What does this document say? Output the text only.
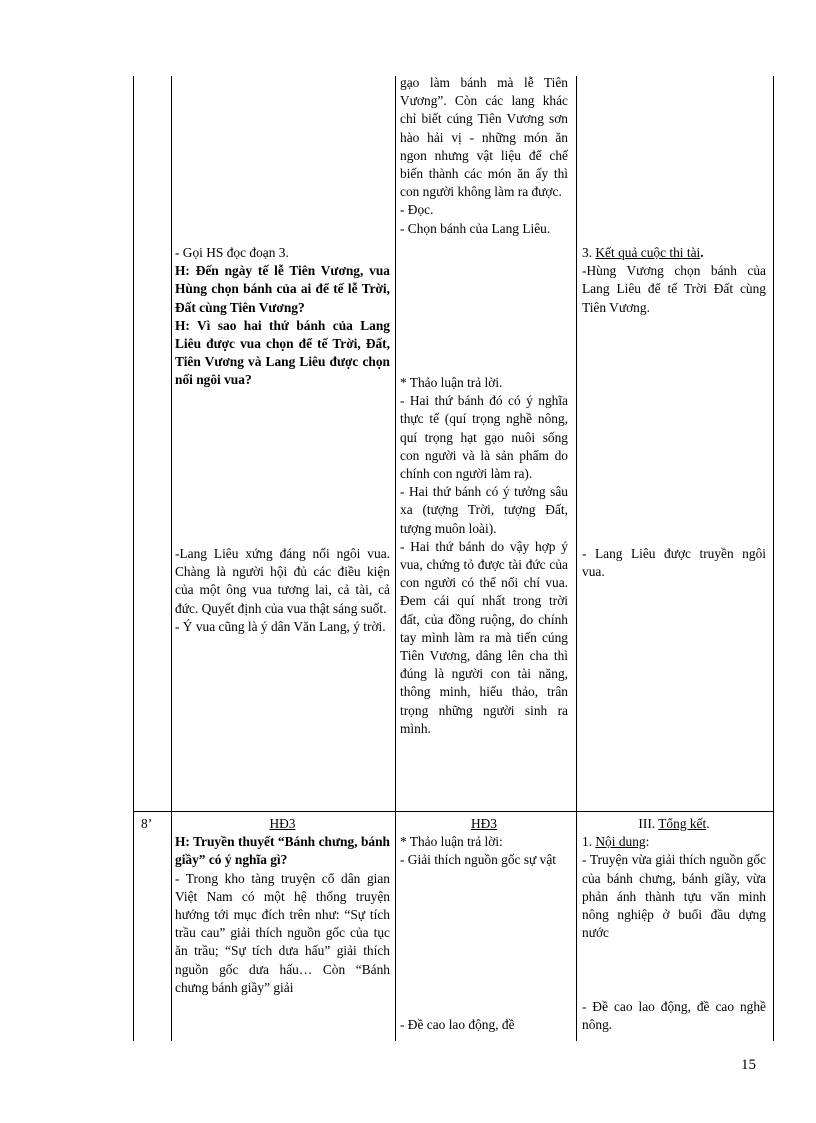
8’

- Gọi HS đọc đoạn 3.

H: Đến ngày tế lễ Tiên Vương, vua Hùng chọn bánh của ai để tế lễ Trời, Đất cùng Tiên Vương?

H: Vì sao hai thứ bánh của Lang Liêu được vua chọn để tế Trời, Đất, Tiên Vương và Lang Liêu được chọn nối ngôi vua?

-Lang Liêu xứng đáng nối ngôi vua. Chàng là người hội đủ các điều kiện của một ông vua tương lai, cả tài, cả đức. Quyết định của vua thật sáng suốt.

- Ý vua cũng là ý dân Văn Lang, ý trời.

HĐ3

H: Truyền thuyết “Bánh chưng, bánh giầy” có ý nghĩa gì?

- Trong kho tàng truyện cổ dân gian Việt Nam có một hệ thống truyện hướng tới mục đích trên như: “Sự tích trầu cau” giải thích nguồn gốc của tục ăn trầu; “Sự tích dưa hấu” giải thích nguồn gốc dưa hấu… Còn “Bánh chưng bánh giầy” giải

gạo làm bánh mà lễ Tiên Vương”. Còn các lang khác chỉ biết cúng Tiên Vương sơn hào hải vị - những món ăn ngon nhưng vật liệu để chế biến thành các món ăn ấy thì con người không làm ra được.

- Đọc.

- Chọn bánh của Lang Liêu.

* Thảo luận trả lời.

- Hai thứ bánh đó có ý nghĩa thực tế (quí trọng nghề nông, quí trọng hạt gạo nuôi sống con người và là sản phẩm do chính con người làm ra).

- Hai thứ bánh có ý tưởng sâu xa (tượng Trời, tượng Đất, tượng muôn loài).

- Hai thứ bánh do vậy hợp ý vua, chứng tỏ được tài đức của con người có thể nối chí vua. Đem cái quí nhất trong trời đất, của đồng ruộng, do chính tay mình làm ra mà tiến cúng Tiên Vương, dâng lên cha thì đúng là người con tài năng, thông minh, hiếu thảo, trân trọng những người sinh ra mình.

HĐ3

* Thảo luận trả lời:

- Giải thích nguồn gốc sự vật

- Đề cao lao động, đề

3. Kết quả cuộc thi tài.

-Hùng Vương chọn bánh của Lang Liêu để tế Trời Đất cùng Tiên Vương.

- Lang Liêu được truyền ngôi vua.

III. Tổng kết.

1. Nội dung:

- Truyện vừa giải thích nguồn gốc của bánh chưng, bánh giầy, vừa phản ánh thành tựu văn minh nông nghiệp ở buổi đầu dựng nước

- Đề cao lao động, đề cao nghề nông.

15
